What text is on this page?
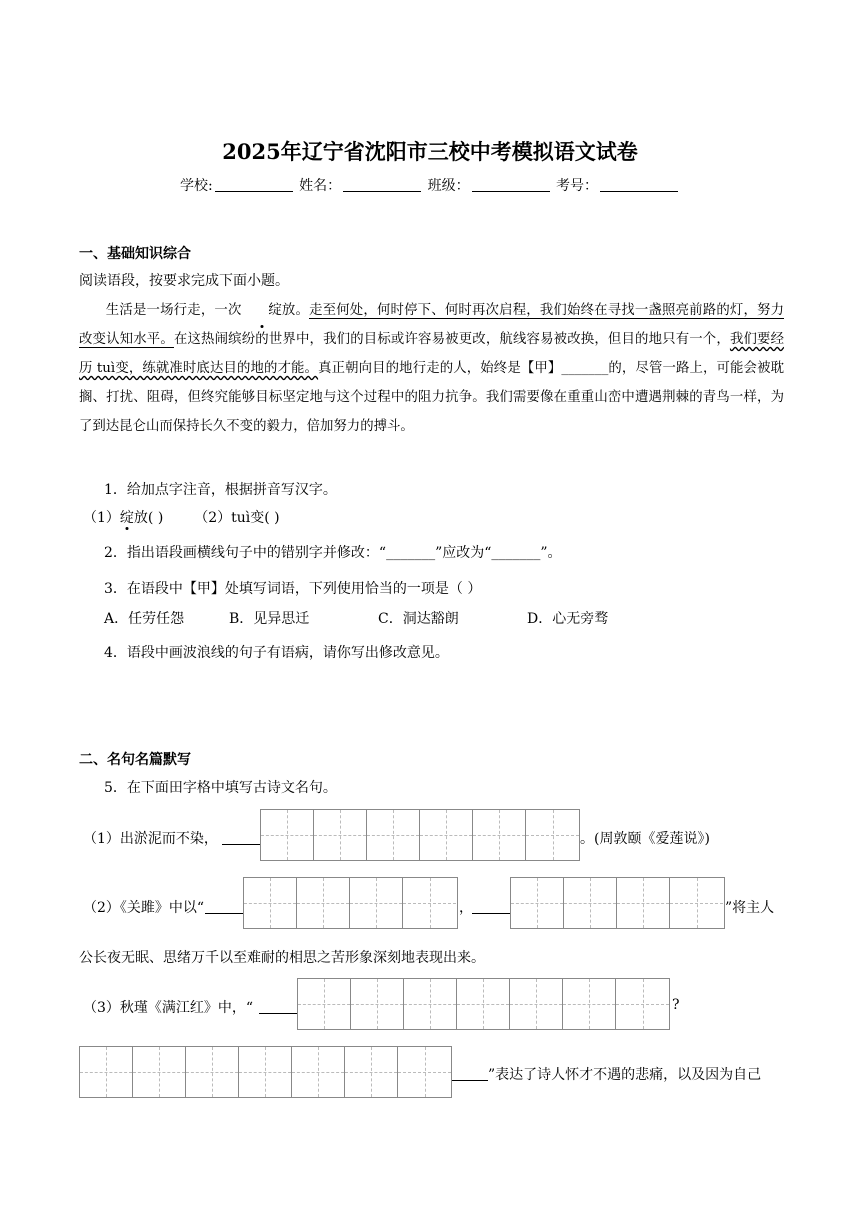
2025年辽宁省沈阳市三校中考模拟语文试卷
学校:	姓名：	班级：	考号：
一、基础知识综合
阅读语段，按要求完成下面小题。

生活是一场行走，一次 绽放。走至何处，何时停下、何时再次启程，我们始终在寻找一盏照亮前路的灯，努力改变认知水平。在这热闹缤纷的世界中，我们的目标或许容易被更改，航线容易被改换，但目的地只有一个，我们要经历 tuì变，练就准时底达目的地的才能。真正朝向目的地行走的人，始终是【甲】_______的，尽管一路上，可能会被耽搁、打扰、阻碍，但终究能够目标坚定地与这个过程中的阻力抗争。我们需要像在重重山峦中遭遇荆棘的青鸟一样，为了到达昆仑山而保持长久不变的毅力，倍加努力的搏斗。

1．给加点字注音，根据拼音写汉字。
（1）绽放( ) （2）tuì变( )
2．指出语段画横线句子中的错别字并修改：“_______”应改为“_______”。
3．在语段中【甲】处填写词语，下列使用恰当的一项是（ ）
A．任劳任怨	B．见异思迁	C．洞达豁朗	D．心无旁骛
4．语段中画波浪线的句子有语病，请你写出修改意见。
二、名句名篇默写
5．在下面田字格中填写古诗文名句。
（1）出淤泥而不染，	。(周敦颐《爱莲说》)
（2）《关雎》中以“	，	”将主人
公长夜无眠、思绪万千以至难耐的相思之苦形象深刻地表现出来。
（3）秋瑾《满江红》中，“	?
”表达了诗人怀才不遇的悲痛，以及因为自己
